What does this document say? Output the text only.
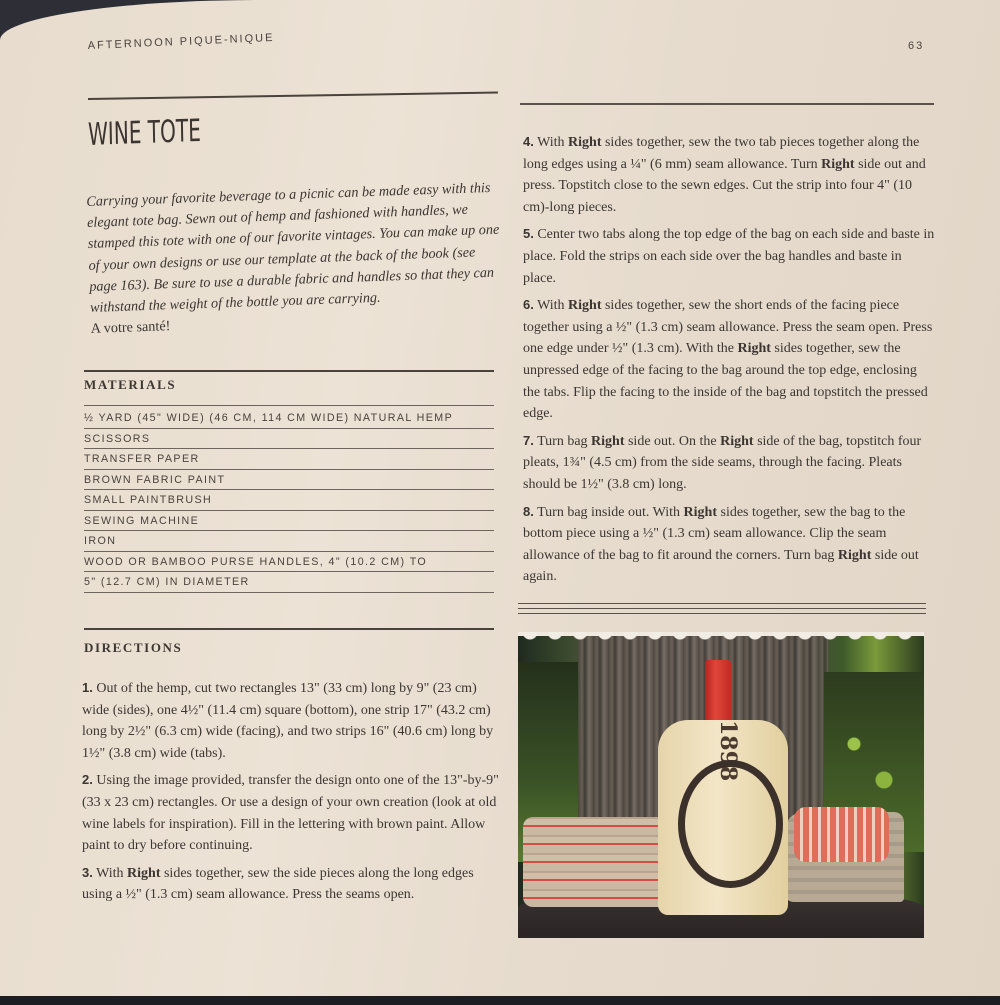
AFTERNOON PIQUE-NIQUE	63
WINE TOTE
Carrying your favorite beverage to a picnic can be made easy with this elegant tote bag. Sewn out of hemp and fashioned with handles, we stamped this tote with one of our favorite vintages. You can make up one of your own designs or use our template at the back of the book (see page 163). Be sure to use a durable fabric and handles so that they can withstand the weight of the bottle you are carrying.
A votre santé!
MATERIALS
½ YARD (45" WIDE) (46 CM, 114 CM WIDE) NATURAL HEMP
SCISSORS
TRANSFER PAPER
BROWN FABRIC PAINT
SMALL PAINTBRUSH
SEWING MACHINE
IRON
WOOD OR BAMBOO PURSE HANDLES, 4" (10.2 CM) TO
5" (12.7 CM) IN DIAMETER
DIRECTIONS

1. Out of the hemp, cut two rectangles 13" (33 cm) long by 9" (23 cm) wide (sides), one 4½" (11.4 cm) square (bottom), one strip 17" (43.2 cm) long by 2½" (6.3 cm) wide (facing), and two strips 16" (40.6 cm) long by 1½" (3.8 cm) wide (tabs).

2. Using the image provided, transfer the design onto one of the 13"-by-9" (33 x 23 cm) rectangles. Or use a design of your own creation (look at old wine labels for inspiration). Fill in the lettering with brown paint. Allow paint to dry before continuing.

3. With Right sides together, sew the side pieces along the long edges using a ½" (1.3 cm) seam allowance. Press the seams open.

4. With Right sides together, sew the two tab pieces together along the long edges using a ¼" (6 mm) seam allowance. Turn Right side out and press. Topstitch close to the sewn edges. Cut the strip into four 4" (10 cm)-long pieces.

5. Center two tabs along the top edge of the bag on each side and baste in place. Fold the strips on each side over the bag handles and baste in place.

6. With Right sides together, sew the short ends of the facing piece together using a ½" (1.3 cm) seam allowance. Press the seam open. Press one edge under ½" (1.3 cm). With the Right sides together, sew the unpressed edge of the facing to the bag around the top edge, enclosing the tabs. Flip the facing to the inside of the bag and topstitch the pressed edge.

7. Turn bag Right side out. On the Right side of the bag, topstitch four pleats, 1¾" (4.5 cm) from the side seams, through the facing. Pleats should be 1½" (3.8 cm) long.

8. Turn bag inside out. With Right sides together, sew the bag to the bottom piece using a ½" (1.3 cm) seam allowance. Clip the seam allowance of the bag to fit around the corners. Turn bag Right side out again.

1898
